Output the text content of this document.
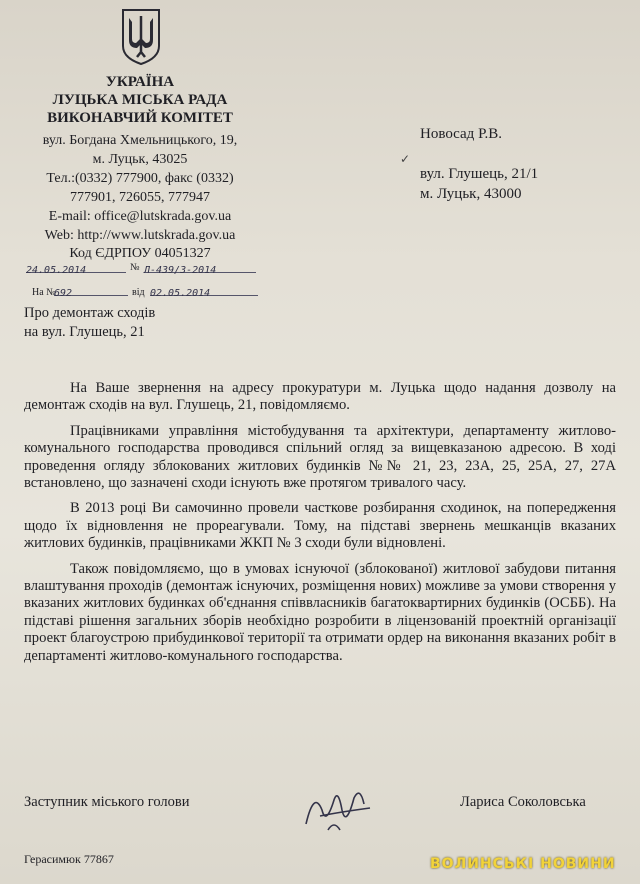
УКРАЇНА
ЛУЦЬКА МІСЬКА РАДА
ВИКОНАВЧИЙ КОМІТЕТ
вул. Богдана Хмельницького, 19,
м. Луцьк, 43025
Тел.:(0332) 777900, факс (0332)
777901, 726055, 777947
E-mail: office@lutskrada.gov.ua
Web: http://www.lutskrada.gov.ua
Код ЄДРПОУ 04051327
24.05.2014	№ Л-439/3-2014
На №
692	від 02.05.2014
Новосад Р.В.
✓
вул. Глушець, 21/1
м. Луцьк, 43000
Про демонтаж сходів
на вул. Глушець, 21

На Ваше звернення на адресу прокуратури м. Луцька щодо надання дозволу на демонтаж сходів на вул. Глушець, 21, повідомляємо.

Працівниками управління містобудування та архітектури, департаменту житлово-комунального господарства проводився спільний огляд за вищевказаною адресою. В ході проведення огляду зблокованих житлових будинків №№ 21, 23, 23А, 25, 25А, 27, 27А встановлено, що зазначені сходи існують вже протягом тривалого часу.

В 2013 році Ви самочинно провели часткове розбирання сходинок, на попередження щодо їх відновлення не прореагували. Тому, на підставі звернень мешканців вказаних житлових будинків, працівниками ЖКП № 3 сходи були відновлені.

Також повідомляємо, що в умовах існуючої (зблокованої) житлової забудови питання влаштування проходів (демонтаж існуючих, розміщення нових) можливе за умови створення у вказаних житлових будинках об'єднання співвласників багатоквартирних будинків (ОСББ). На підставі рішення загальних зборів необхідно розробити в ліцензованій проектній організації проект благоустрою прибудинкової території та отримати ордер на виконання вказаних робіт в департаменті житлово-комунального господарства.

Заступник міського голови	Лариса Соколовська
Герасимюк 77867	ВОЛИНСЬКІ НОВИНИ
